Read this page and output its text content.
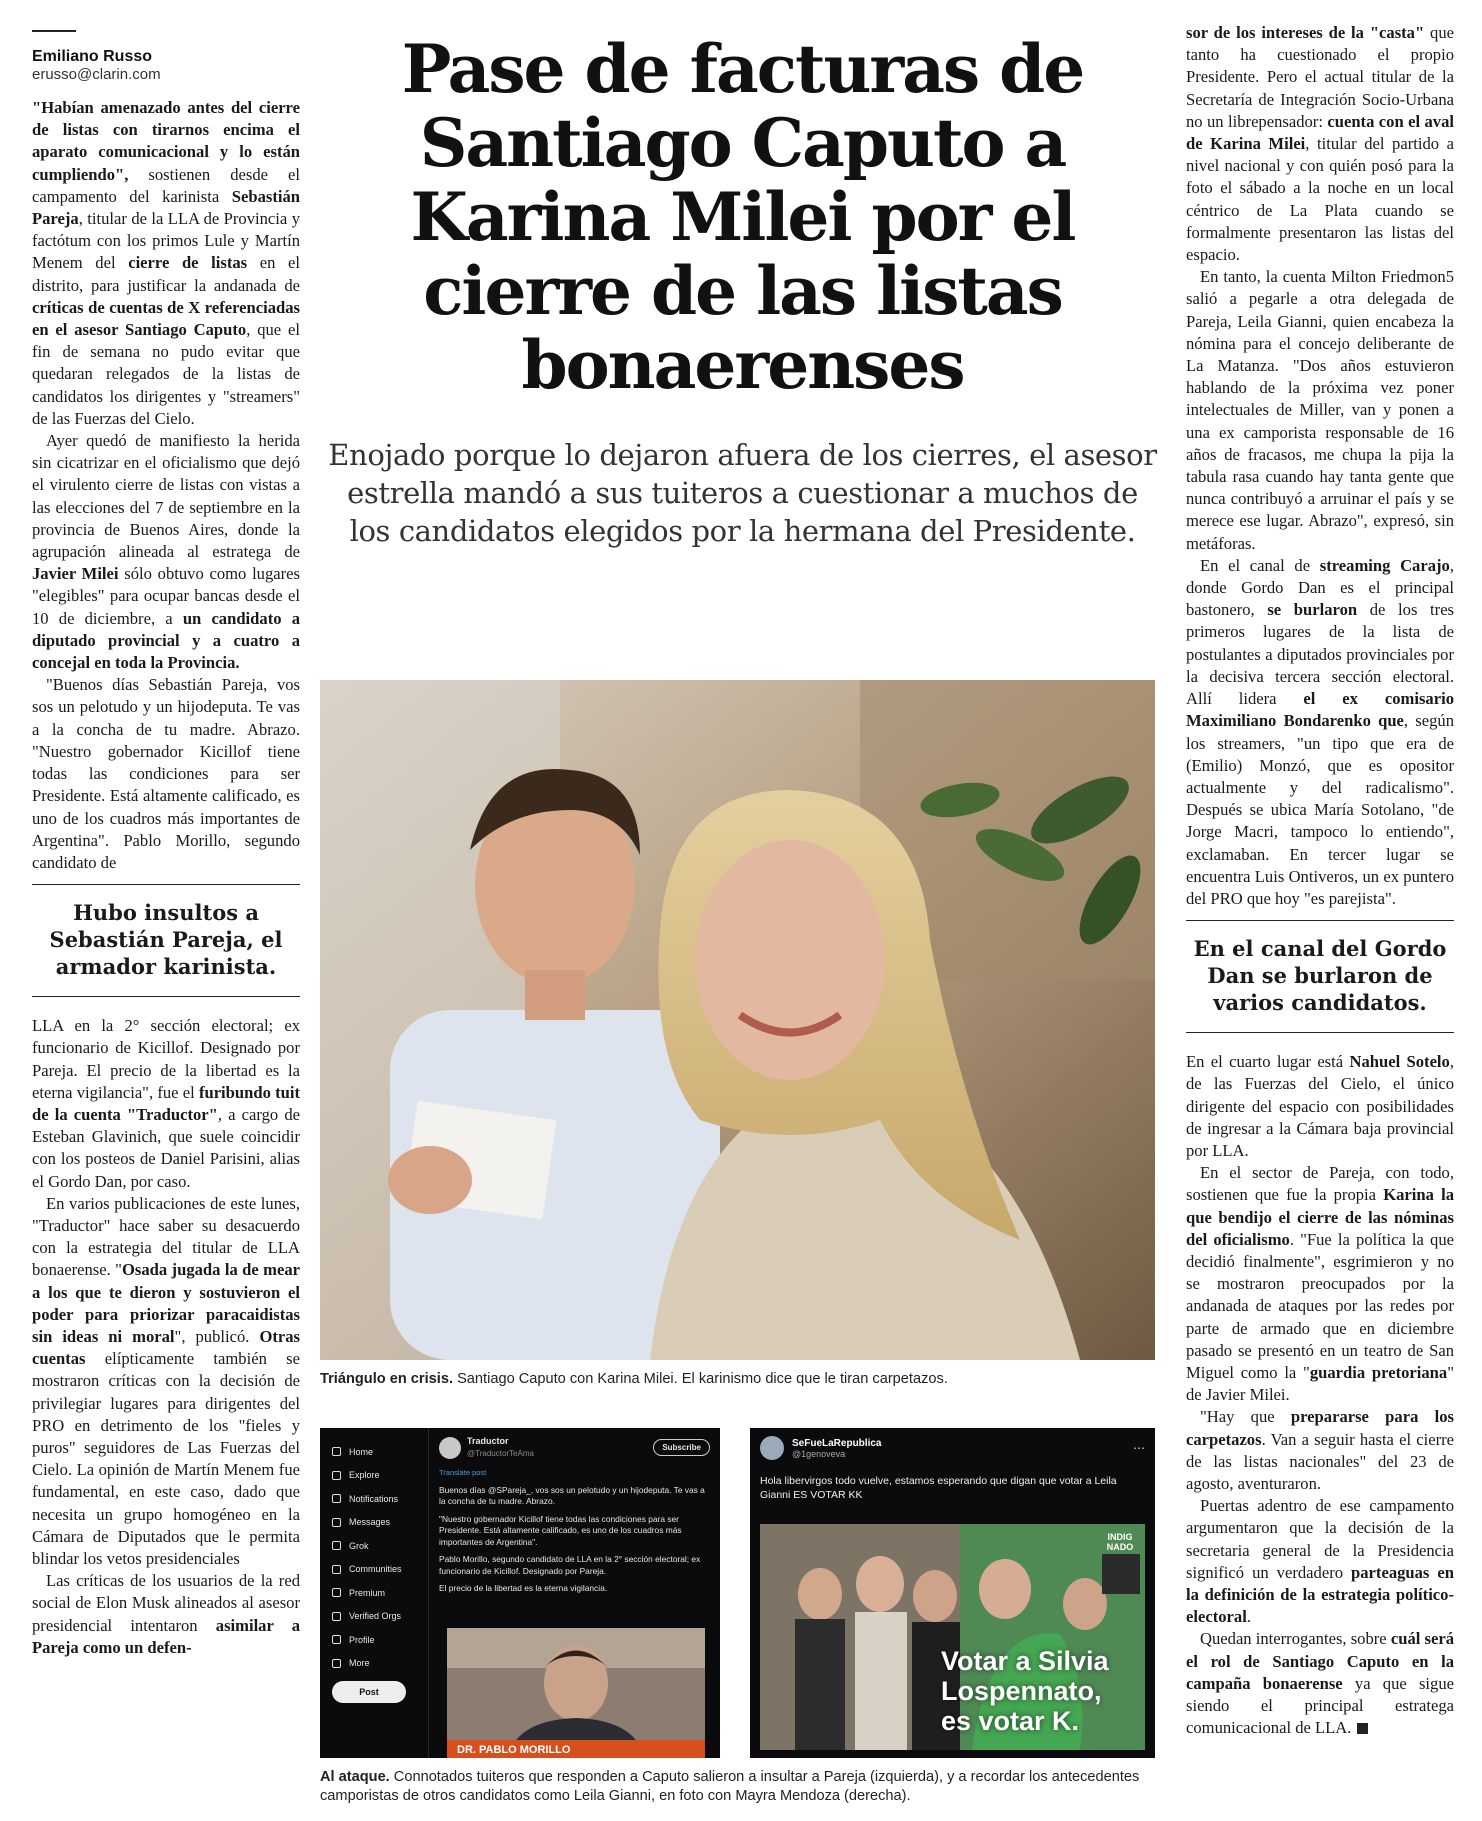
Emiliano Russo
erusso@clarin.com

"Habían amenazado antes del cierre de listas con tirarnos encima el aparato comunicacional y lo están cumpliendo", sostienen desde el campamento del karinista Sebastián Pareja, titular de la LLA de Provincia y factótum con los primos Lule y Martín Menem del cierre de listas en el distrito, para justificar la andanada de críticas de cuentas de X referenciadas en el asesor Santiago Caputo, que el fin de semana no pudo evitar que quedaran relegados de la listas de candidatos los dirigentes y "streamers" de las Fuerzas del Cielo.

Ayer quedó de manifiesto la herida sin cicatrizar en el oficialismo que dejó el virulento cierre de listas con vistas a las elecciones del 7 de septiembre en la provincia de Buenos Aires, donde la agrupación alineada al estratega de Javier Milei sólo obtuvo como lugares "elegibles" para ocupar bancas desde el 10 de diciembre, a un candidato a diputado provincial y a cuatro a concejal en toda la Provincia.

"Buenos días Sebastián Pareja, vos sos un pelotudo y un hijodeputa. Te vas a la concha de tu madre. Abrazo. "Nuestro gobernador Kicillof tiene todas las condiciones para ser Presidente. Está altamente calificado, es uno de los cuadros más importantes de Argentina". Pablo Morillo, segundo candidato de

Hubo insultos a Sebastián Pareja, el armador karinista.

LLA en la 2° sección electoral; ex funcionario de Kicillof. Designado por Pareja. El precio de la libertad es la eterna vigilancia", fue el furibundo tuit de la cuenta "Traductor", a cargo de Esteban Glavinich, que suele coincidir con los posteos de Daniel Parisini, alias el Gordo Dan, por caso.

En varios publicaciones de este lunes, "Traductor" hace saber su desacuerdo con la estrategia del titular de LLA bonaerense. "Osada jugada la de mear a los que te dieron y sostuvieron el poder para priorizar paracaidistas sin ideas ni moral", publicó. Otras cuentas elípticamente también se mostraron críticas con la decisión de privilegiar lugares para dirigentes del PRO en detrimento de los "fieles y puros" seguidores de Las Fuerzas del Cielo. La opinión de Martín Menem fue fundamental, en este caso, dado que necesita un grupo homogéneo en la Cámara de Diputados que le permita blindar los vetos presidenciales

Las críticas de los usuarios de la red social de Elon Musk alineados al asesor presidencial intentaron asimilar a Pareja como un defen-

Pase de facturas de Santiago Caputo a Karina Milei por el cierre de las listas bonaerenses
Enojado porque lo dejaron afuera de los cierres, el asesor estrella mandó a sus tuiteros a cuestionar a muchos de los candidatos elegidos por la hermana del Presidente.
Triángulo en crisis. Santiago Caputo con Karina Milei. El karinismo dice que le tiran carpetazos.
Home
Explore
Notifications
Messages
Grok
Communities
Premium
Verified Orgs
Profile
More
Post
Traductor
@TraductorTeAma
Subscribe

Translate post

Buenos días @SPareja_, vos sos un pelotudo y un hijodeputa. Te vas a la concha de tu madre. Abrazo.

"Nuestro gobernador Kicillof tiene todas las condiciones para ser Presidente. Está altamente calificado, es uno de los cuadros más importantes de Argentina".

Pablo Morillo, segundo candidato de LLA en la 2° sección electoral; ex funcionario de Kicillof. Designado por Pareja.

El precio de la libertad es la eterna vigilancia.

DR. PABLO MORILLO
SeFueLaRepublica
@1genoveva	⋯
Hola libervirgos todo vuelve, estamos esperando que digan que votar a Leila Gianni ES VOTAR KK
INDIG NADO
Votar a Silvia Lospennato, es votar K.
Al ataque. Connotados tuiteros que responden a Caputo salieron a insultar a Pareja (izquierda), y a recordar los antecedentes camporistas de otros candidatos como Leila Gianni, en foto con Mayra Mendoza (derecha).

sor de los intereses de la "casta" que tanto ha cuestionado el propio Presidente. Pero el actual titular de la Secretaría de Integración Socio-Urbana no un librepensador: cuenta con el aval de Karina Milei, titular del partido a nivel nacional y con quién posó para la foto el sábado a la noche en un local céntrico de La Plata cuando se formalmente presentaron las listas del espacio.

En tanto, la cuenta Milton Friedmon5 salió a pegarle a otra delegada de Pareja, Leila Gianni, quien encabeza la nómina para el concejo deliberante de La Matanza. "Dos años estuvieron hablando de la próxima vez poner intelectuales de Miller, van y ponen a una ex camporista responsable de 16 años de fracasos, me chupa la pija la tabula rasa cuando hay tanta gente que nunca contribuyó a arruinar el país y se merece ese lugar. Abrazo", expresó, sin metáforas.

En el canal de streaming Carajo, donde Gordo Dan es el principal bastonero, se burlaron de los tres primeros lugares de la lista de postulantes a diputados provinciales por la decisiva tercera sección electoral. Allí lidera el ex comisario Maximiliano Bondarenko que, según los streamers, "un tipo que era de (Emilio) Monzó, que es opositor actualmente y del radicalismo". Después se ubica María Sotolano, "de Jorge Macri, tampoco lo entiendo", exclamaban. En tercer lugar se encuentra Luis Ontiveros, un ex puntero del PRO que hoy "es parejista".

En el canal del Gordo Dan se burlaron de varios candidatos.

En el cuarto lugar está Nahuel Sotelo, de las Fuerzas del Cielo, el único dirigente del espacio con posibilidades de ingresar a la Cámara baja provincial por LLA.

En el sector de Pareja, con todo, sostienen que fue la propia Karina la que bendijo el cierre de las nóminas del oficialismo. "Fue la política la que decidió finalmente", esgrimieron y no se mostraron preocupados por la andanada de ataques por las redes por parte de armado que en diciembre pasado se presentó en un teatro de San Miguel como la "guardia pretoriana" de Javier Milei.

"Hay que prepararse para los carpetazos. Van a seguir hasta el cierre de las listas nacionales" del 23 de agosto, aventuraron.

Puertas adentro de ese campamento argumentaron que la decisión de la secretaria general de la Presidencia significó un verdadero parteaguas en la definición de la estrategia político-electoral.

Quedan interrogantes, sobre cuál será el rol de Santiago Caputo en la campaña bonaerense ya que sigue siendo el principal estratega comunicacional de LLA.
